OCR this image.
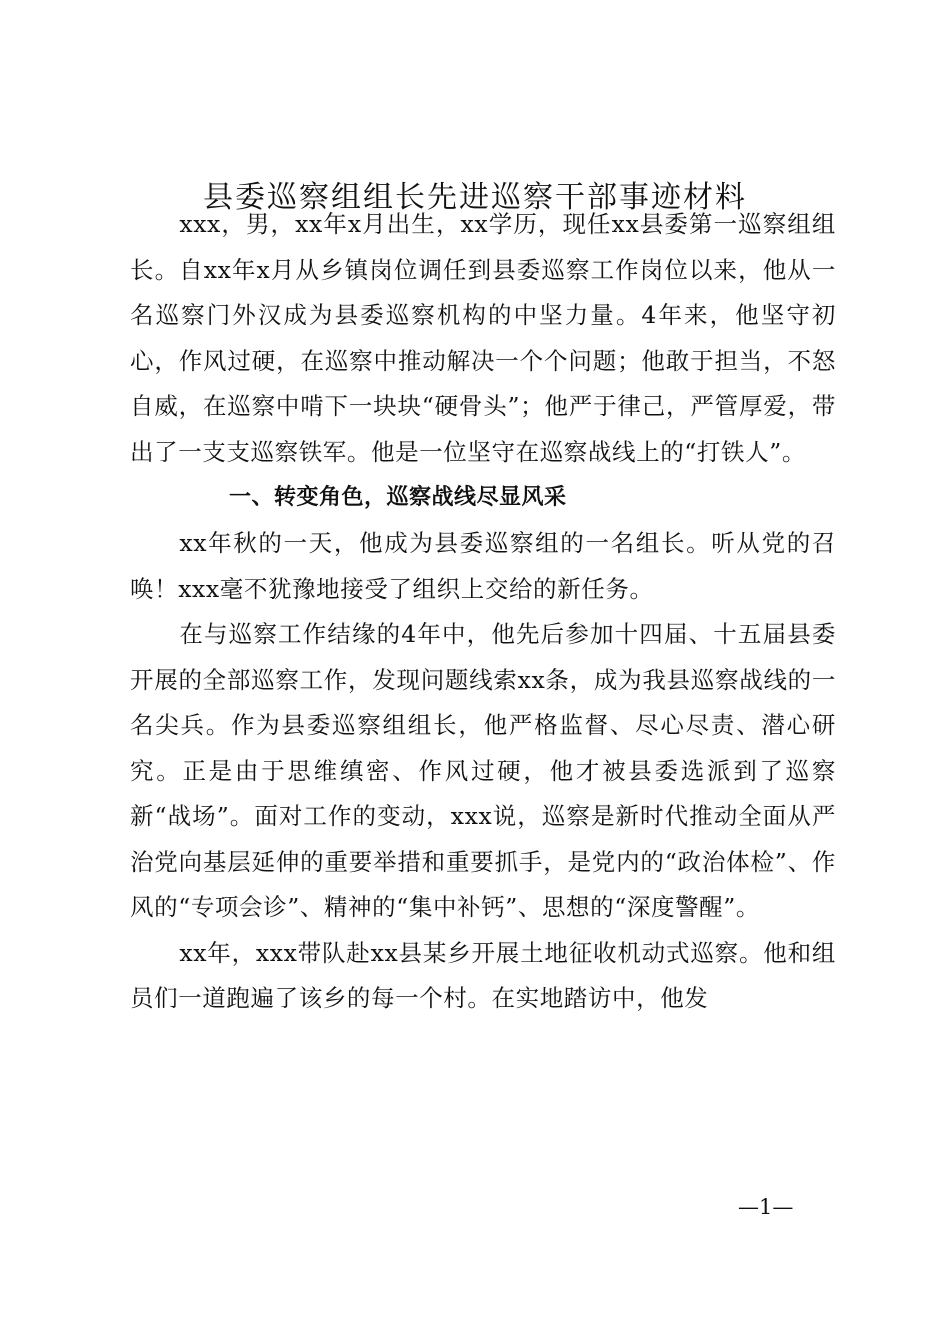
县委巡察组组长先进巡察干部事迹材料

xxx，男，xx年x月出生，xx学历，现任xx县委第一巡察组组长。自xx年x月从乡镇岗位调任到县委巡察工作岗位以来，他从一名巡察门外汉成为县委巡察机构的中坚力量。4年来，他坚守初心，作风过硬，在巡察中推动解决一个个问题；他敢于担当，不怒自威，在巡察中啃下一块块“硬骨头”；他严于律己，严管厚爱，带出了一支支巡察铁军。他是一位坚守在巡察战线上的“打铁人”。

一、转变角色，巡察战线尽显风采

xx年秋的一天，他成为县委巡察组的一名组长。听从党的召唤！xxx毫不犹豫地接受了组织上交给的新任务。

在与巡察工作结缘的4年中，他先后参加十四届、十五届县委开展的全部巡察工作，发现问题线索xx条，成为我县巡察战线的一名尖兵。作为县委巡察组组长，他严格监督、尽心尽责、潜心研究。正是由于思维缜密、作风过硬，他才被县委选派到了巡察新“战场”。面对工作的变动，xxx说，巡察是新时代推动全面从严治党向基层延伸的重要举措和重要抓手，是党内的“政治体检”、作风的“专项会诊”、精神的“集中补钙”、思想的“深度警醒”。

xx年，xxx带队赴xx县某乡开展土地征收机动式巡察。他和组员们一道跑遍了该乡的每一个村。在实地踏访中，他发

—1—
